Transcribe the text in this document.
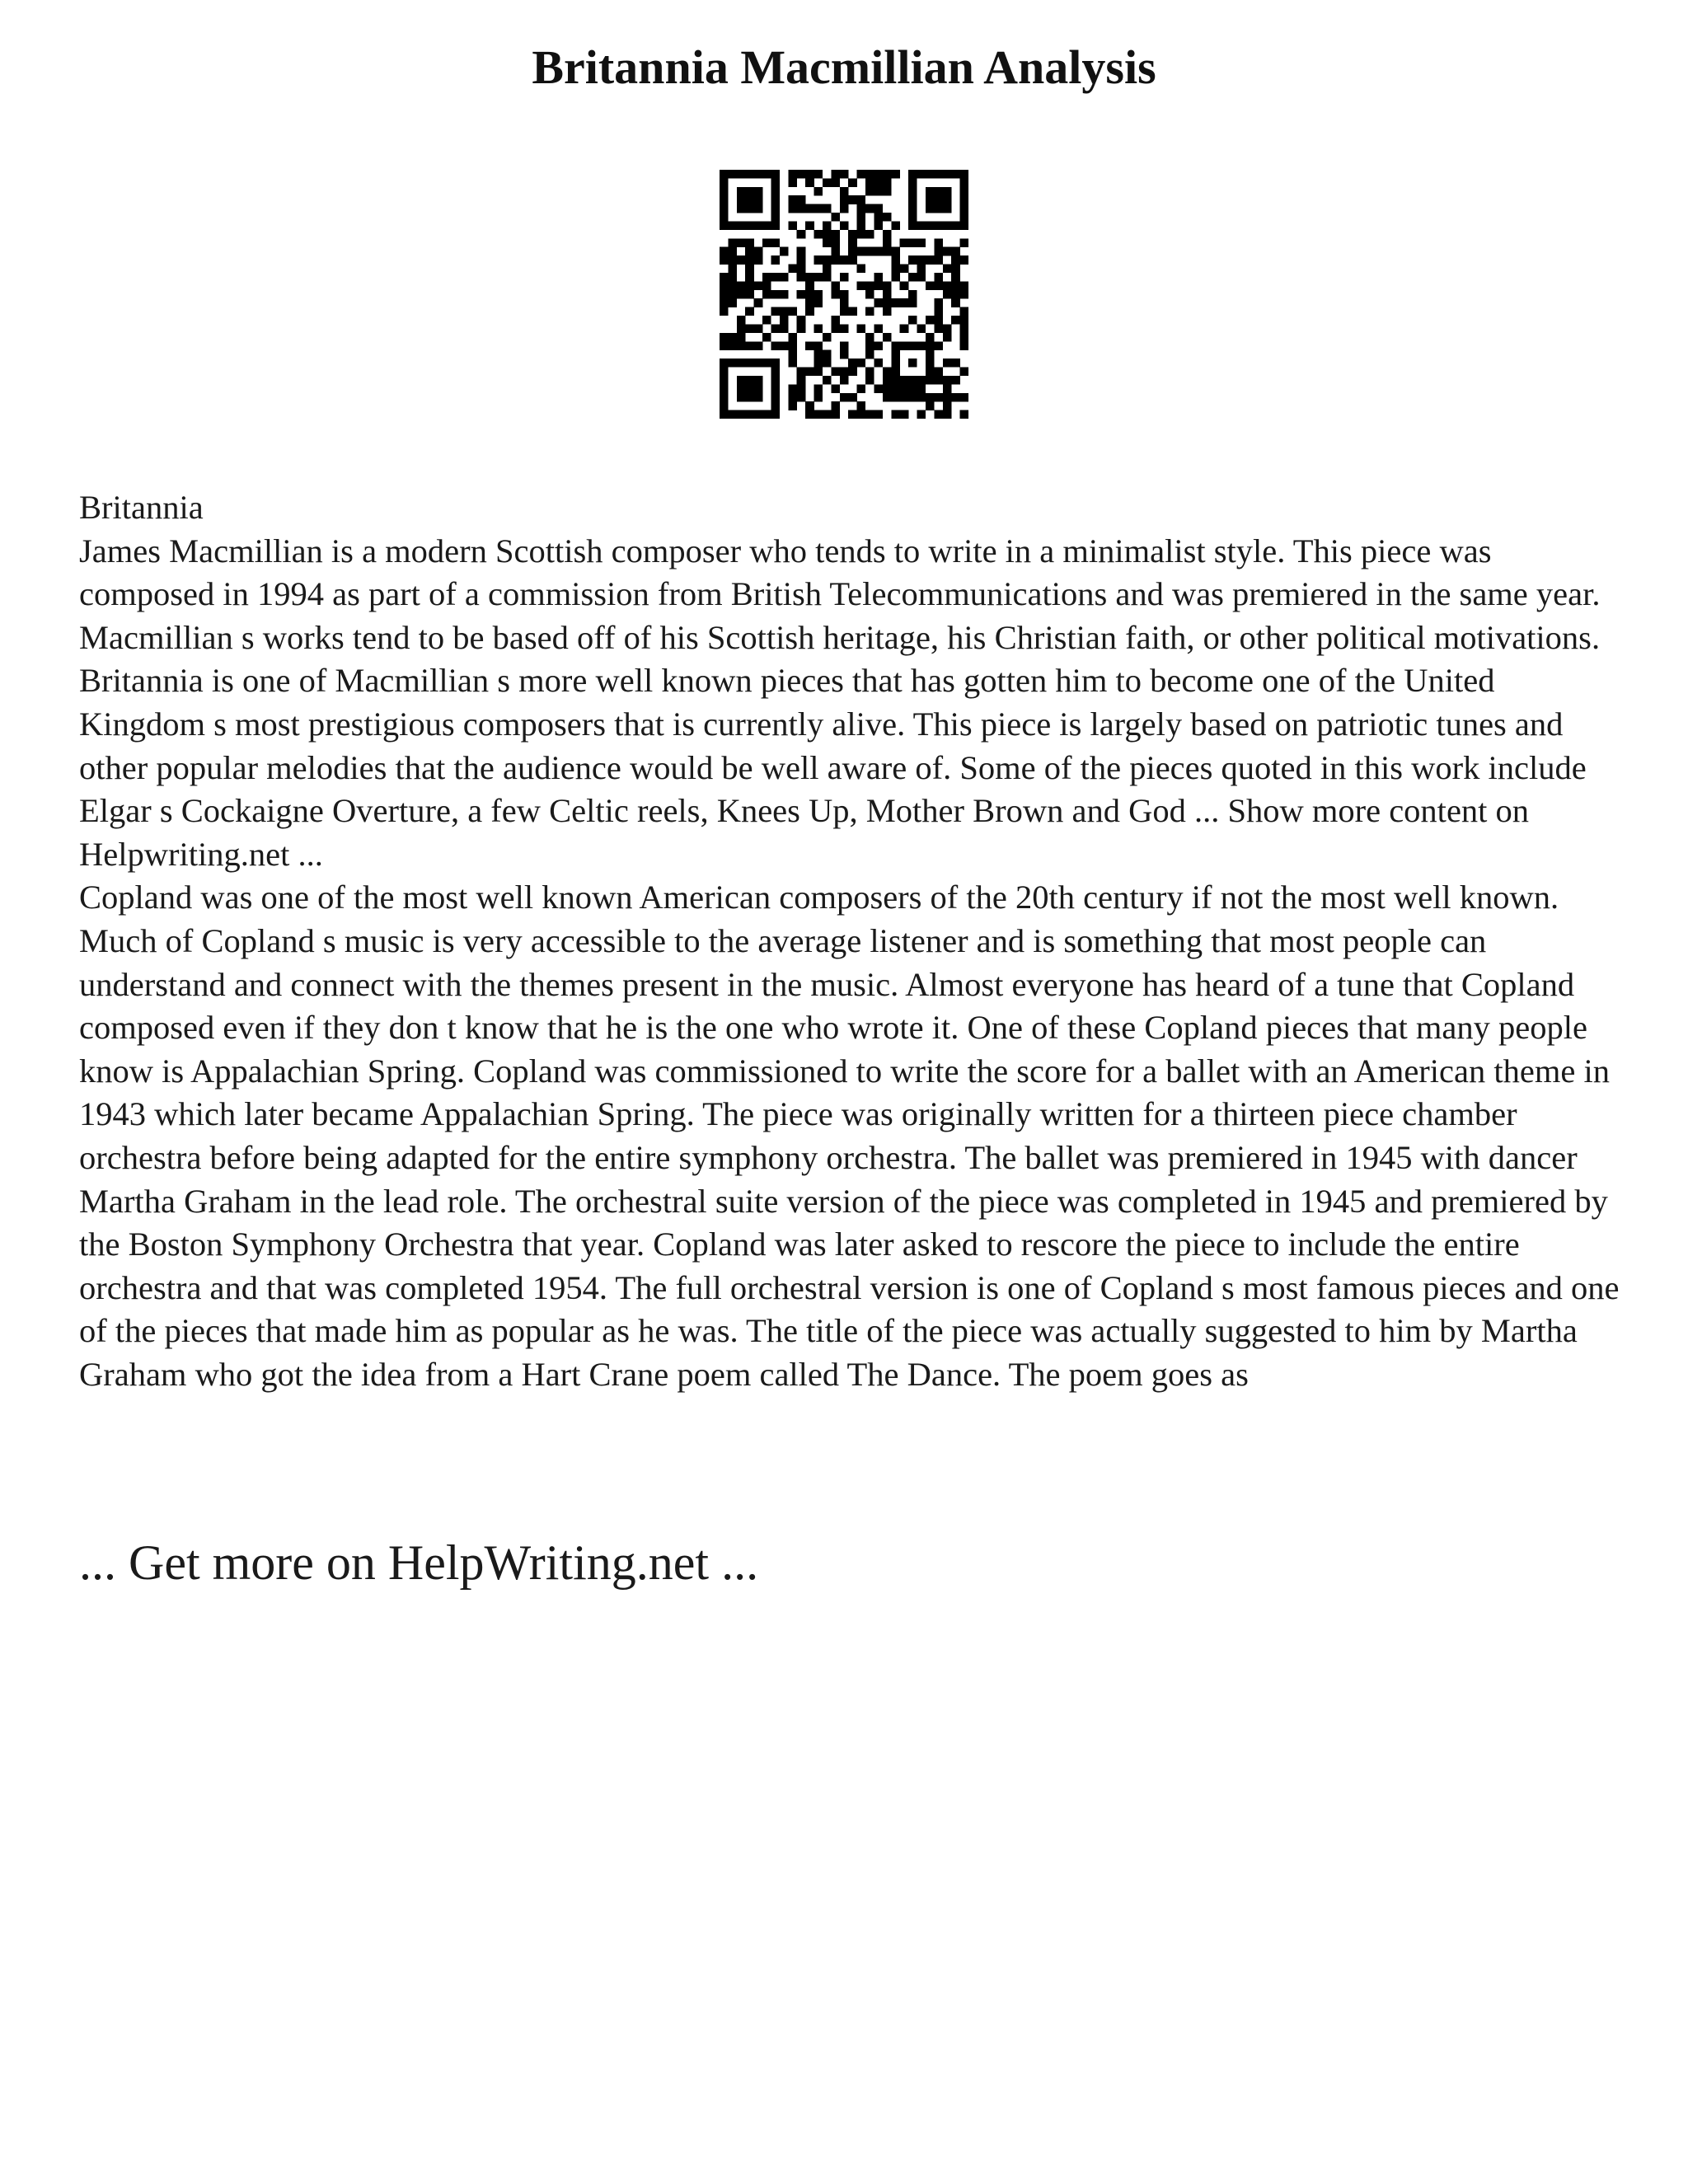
Britannia Macmillian Analysis

Britannia

James Macmillian is a modern Scottish composer who tends to write in a minimalist style. This piece was composed in 1994 as part of a commission from British Telecommunications and was premiered in the same year. Macmillian s works tend to be based off of his Scottish heritage, his Christian faith, or other political motivations. Britannia is one of Macmillian s more well known pieces that has gotten him to become one of the United Kingdom s most prestigious composers that is currently alive. This piece is largely based on patriotic tunes and other popular melodies that the audience would be well aware of. Some of the pieces quoted in this work include Elgar s Cockaigne Overture, a few Celtic reels, Knees Up, Mother Brown and God ... Show more content on Helpwriting.net ...

Copland was one of the most well known American composers of the 20th century if not the most well known. Much of Copland s music is very accessible to the average listener and is something that most people can understand and connect with the themes present in the music. Almost everyone has heard of a tune that Copland composed even if they don t know that he is the one who wrote it. One of these Copland pieces that many people know is Appalachian Spring. Copland was commissioned to write the score for a ballet with an American theme in 1943 which later became Appalachian Spring. The piece was originally written for a thirteen piece chamber orchestra before being adapted for the entire symphony orchestra. The ballet was premiered in 1945 with dancer Martha Graham in the lead role. The orchestral suite version of the piece was completed in 1945 and premiered by the Boston Symphony Orchestra that year. Copland was later asked to rescore the piece to include the entire orchestra and that was completed 1954. The full orchestral version is one of Copland s most famous pieces and one of the pieces that made him as popular as he was. The title of the piece was actually suggested to him by Martha Graham who got the idea from a Hart Crane poem called The Dance. The poem goes as

... Get more on HelpWriting.net ...
